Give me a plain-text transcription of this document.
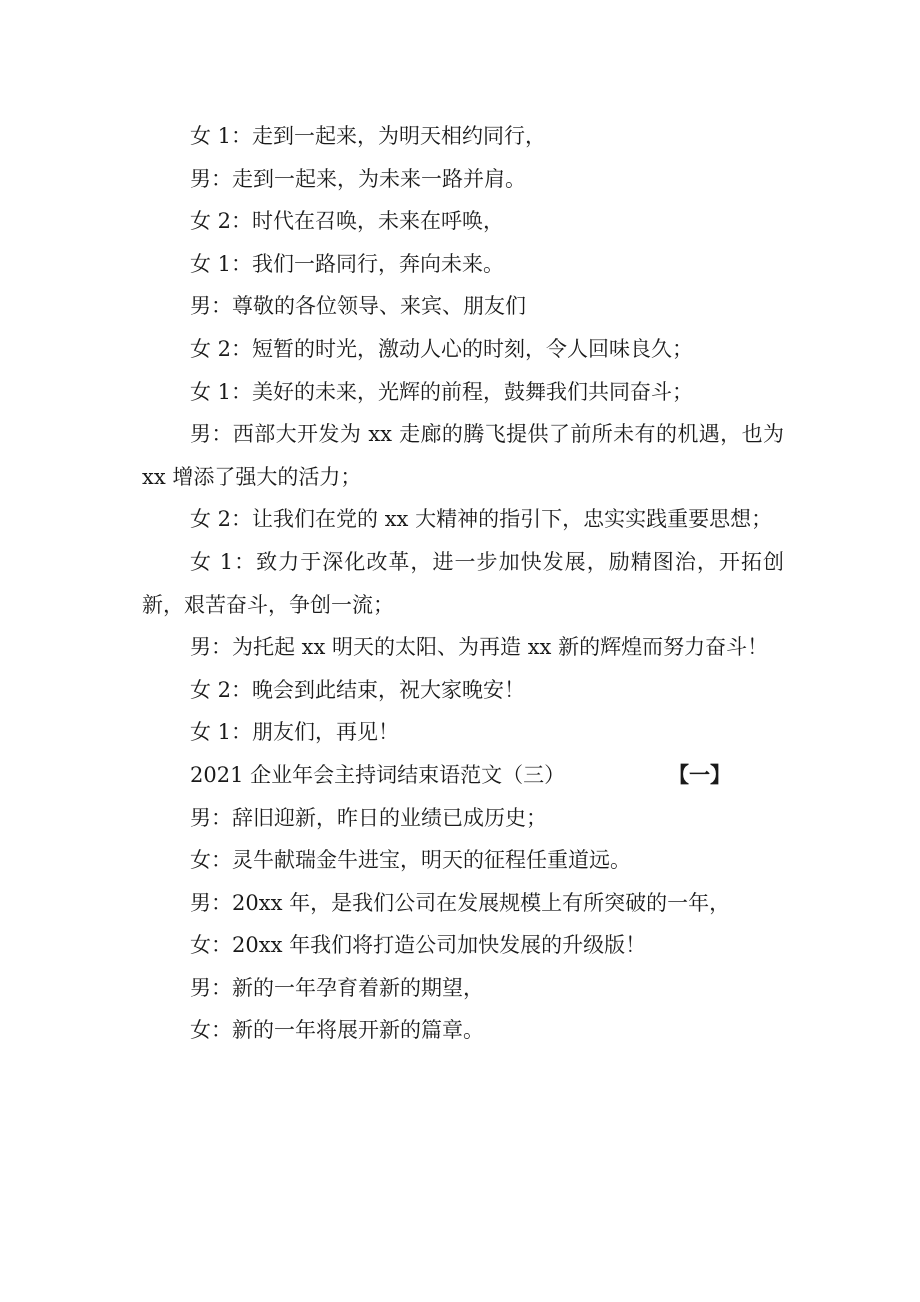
女 1：走到一起来，为明天相约同行，

男：走到一起来，为未来一路并肩。

女 2：时代在召唤，未来在呼唤，

女 1：我们一路同行，奔向未来。

男：尊敬的各位领导、来宾、朋友们

女 2：短暂的时光，激动人心的时刻，令人回味良久；

女 1：美好的未来，光辉的前程，鼓舞我们共同奋斗；

男：西部大开发为 xx 走廊的腾飞提供了前所未有的机遇，也为 xx 增添了强大的活力；

女 2：让我们在党的 xx 大精神的指引下，忠实实践重要思想；

女 1：致力于深化改革，进一步加快发展，励精图治，开拓创新，艰苦奋斗，争创一流；

男：为托起 xx 明天的太阳、为再造 xx 新的辉煌而努力奋斗！

女 2：晚会到此结束，祝大家晚安！

女 1：朋友们，再见！

2021 企业年会主持词结束语范文（三）	【一】

男：辞旧迎新，昨日的业绩已成历史；

女：灵牛献瑞金牛进宝，明天的征程任重道远。

男：20xx 年，是我们公司在发展规模上有所突破的一年，

女：20xx 年我们将打造公司加快发展的升级版！

男：新的一年孕育着新的期望，

女：新的一年将展开新的篇章。
